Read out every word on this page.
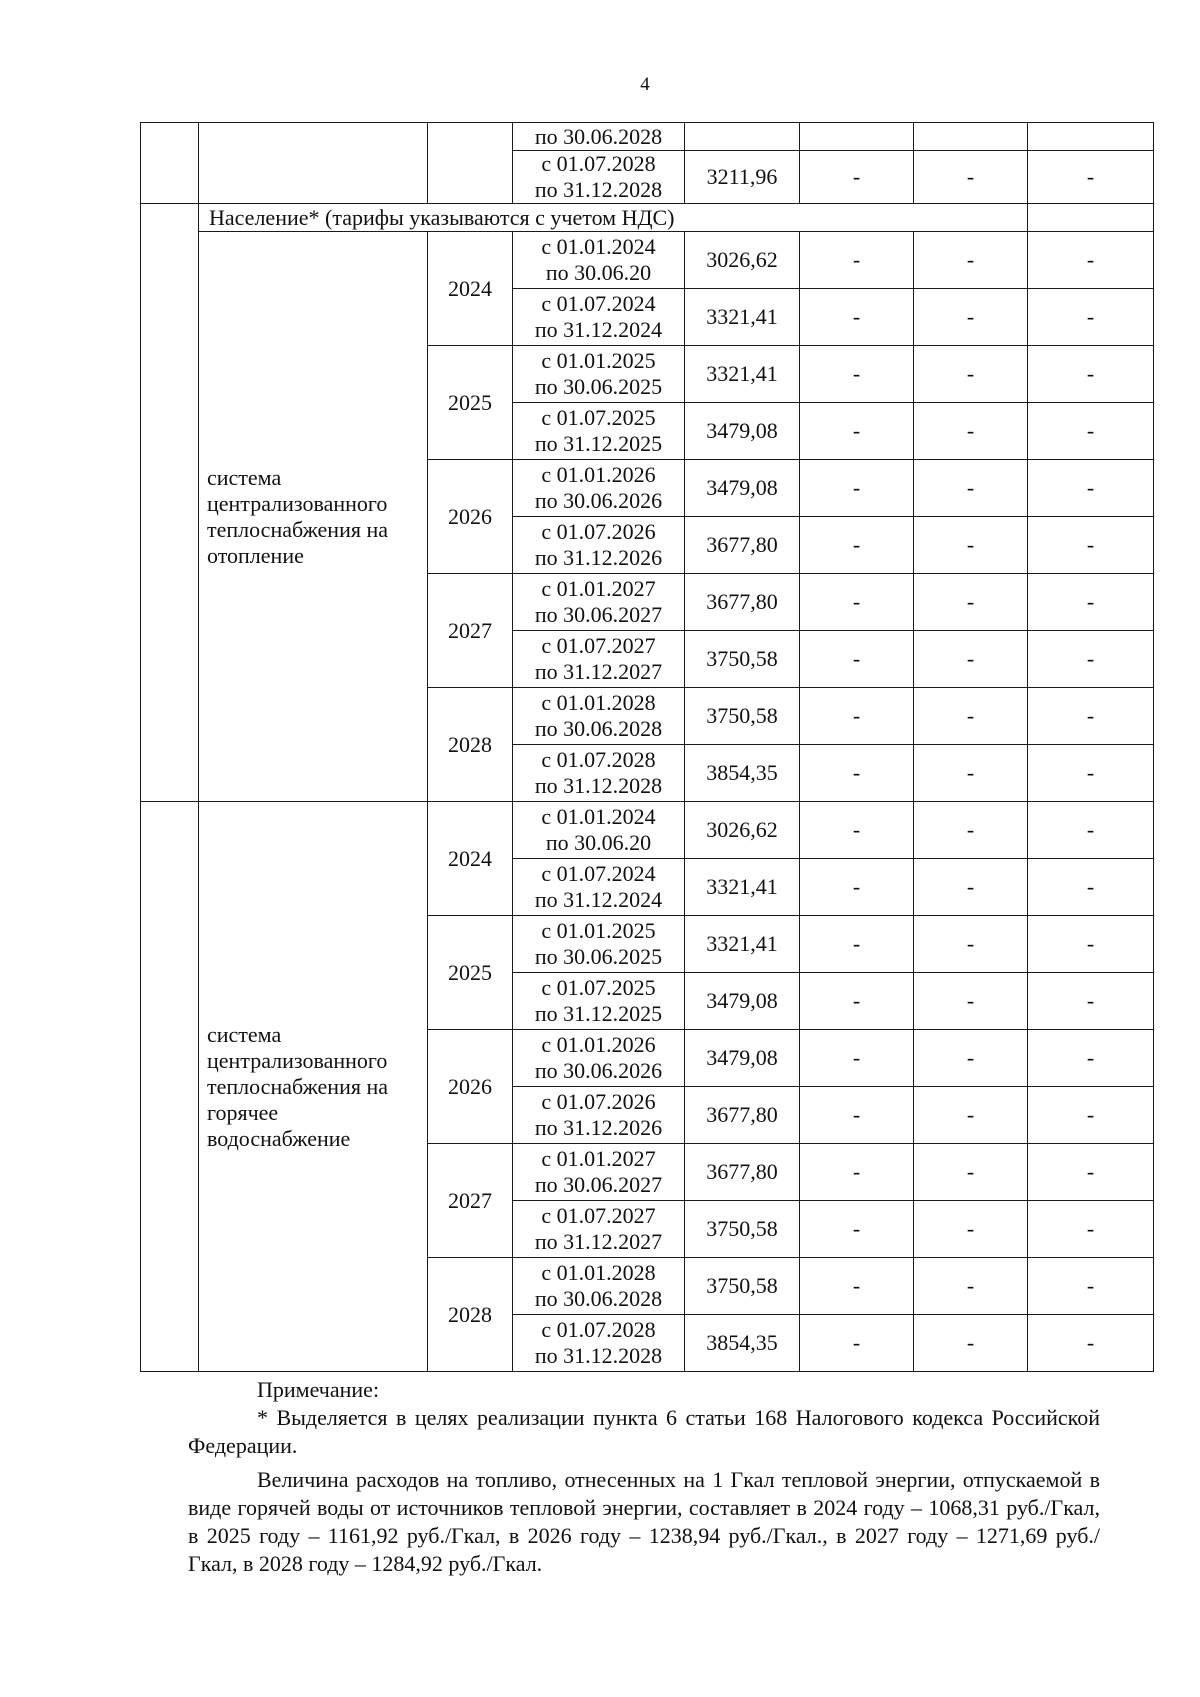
4
			по 30.06.2028				
			с 01.07.2028
по 31.12.2028	3211,96	-	-	-
	Население* (тарифы указываются с учетом НДС)						
	система централизованного теплоснабжения на отопление	2024	с 01.01.2024
по 30.06.20	3026,62	-	-	-
			с 01.07.2024
по 31.12.2024	3321,41	-	-	-
		2025	с 01.01.2025
по 30.06.2025	3321,41	-	-	-
			с 01.07.2025
по 31.12.2025	3479,08	-	-	-
		2026	с 01.01.2026
по 30.06.2026	3479,08	-	-	-
			с 01.07.2026
по 31.12.2026	3677,80	-	-	-
		2027	с 01.01.2027
по 30.06.2027	3677,80	-	-	-
			с 01.07.2027
по 31.12.2027	3750,58	-	-	-
		2028	с 01.01.2028
по 30.06.2028	3750,58	-	-	-
			с 01.07.2028
по 31.12.2028	3854,35	-	-	-
	система централизованного теплоснабжения на горячее водоснабжение	2024	с 01.01.2024
по 30.06.20	3026,62	-	-	-
			с 01.07.2024
по 31.12.2024	3321,41	-	-	-
		2025	с 01.01.2025
по 30.06.2025	3321,41	-	-	-
			с 01.07.2025
по 31.12.2025	3479,08	-	-	-
		2026	с 01.01.2026
по 30.06.2026	3479,08	-	-	-
			с 01.07.2026
по 31.12.2026	3677,80	-	-	-
		2027	с 01.01.2027
по 30.06.2027	3677,80	-	-	-
			с 01.07.2027
по 31.12.2027	3750,58	-	-	-
		2028	с 01.01.2028
по 30.06.2028	3750,58	-	-	-
			с 01.07.2028
по 31.12.2028	3854,35	-	-	-

Примечание:

* Выделяется в целях реализации пункта 6 статьи 168 Налогового кодекса Российской Федерации.

Величина расходов на топливо, отнесенных на 1 Гкал тепловой энергии, отпускаемой в виде горячей воды от источников тепловой энергии, составляет в 2024 году – 1068,31 руб./Гкал, в 2025 году – 1161,92 руб./Гкал, в 2026 году – 1238,94 руб./Гкал., в 2027 году – 1271,69 руб./Гкал, в 2028 году – 1284,92 руб./Гкал.
